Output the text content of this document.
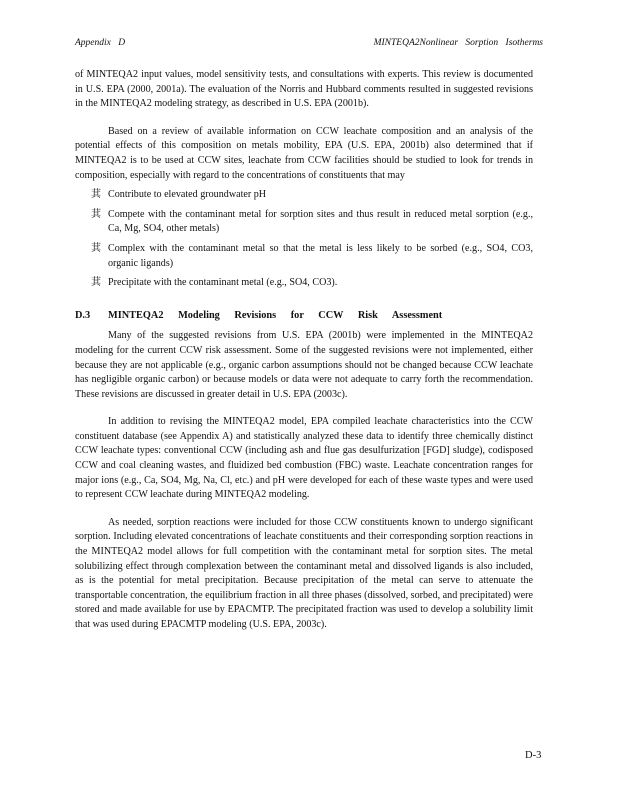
Appendix D	MINTEQA2Nonlinear Sorption Isotherms

of MINTEQA2 input values, model sensitivity tests, and consultations with experts. This review is documented in U.S. EPA (2000, 2001a). The evaluation of the Norris and Hubbard comments resulted in suggested revisions in the MINTEQA2 modeling strategy, as described in U.S. EPA (2001b).

Based on a review of available information on CCW leachate composition and an analysis of the potential effects of this composition on metals mobility, EPA (U.S. EPA, 2001b) also determined that if MINTEQA2 is to be used at CCW sites, leachate from CCW facilities should be studied to look for trends in composition, especially with regard to the concentrations of constituents that may

萁 Contribute to elevated groundwater pH
萁 Compete with the contaminant metal for sorption sites and thus result in reduced metal sorption (e.g., Ca, Mg, SO4, other metals)
萁 Complex with the contaminant metal so that the metal is less likely to be sorbed (e.g., SO4, CO3, organic ligands)
萁 Precipitate with the contaminant metal (e.g., SO4, CO3).
D.3 MINTEQA2 Modeling Revisions for CCW Risk Assessment

Many of the suggested revisions from U.S. EPA (2001b) were implemented in the MINTEQA2 modeling for the current CCW risk assessment. Some of the suggested revisions were not implemented, either because they are not applicable (e.g., organic carbon assumptions should not be changed because CCW leachate has negligible organic carbon) or because models or data were not adequate to carry forth the recommendation. These revisions are discussed in greater detail in U.S. EPA (2003c).

In addition to revising the MINTEQA2 model, EPA compiled leachate characteristics into the CCW constituent database (see Appendix A) and statistically analyzed these data to identify three chemically distinct CCW leachate types: conventional CCW (including ash and flue gas desulfurization [FGD] sludge), codisposed CCW and coal cleaning wastes, and fluidized bed combustion (FBC) waste. Leachate concentration ranges for major ions (e.g., Ca, SO4, Mg, Na, Cl, etc.) and pH were developed for each of these waste types and were used to represent CCW leachate during MINTEQA2 modeling.

As needed, sorption reactions were included for those CCW constituents known to undergo significant sorption. Including elevated concentrations of leachate constituents and their corresponding sorption reactions in the MINTEQA2 model allows for full competition with the contaminant metal for sorption sites. The metal solubilizing effect through complexation between the contaminant metal and dissolved ligands is also included, as is the potential for metal precipitation. Because precipitation of the metal can serve to attenuate the transportable concentration, the equilibrium fraction in all three phases (dissolved, sorbed, and precipitated) were stored and made available for use by EPACMTP. The precipitated fraction was used to develop a solubility limit that was used during EPACMTP modeling (U.S. EPA, 2003c).

D-3
